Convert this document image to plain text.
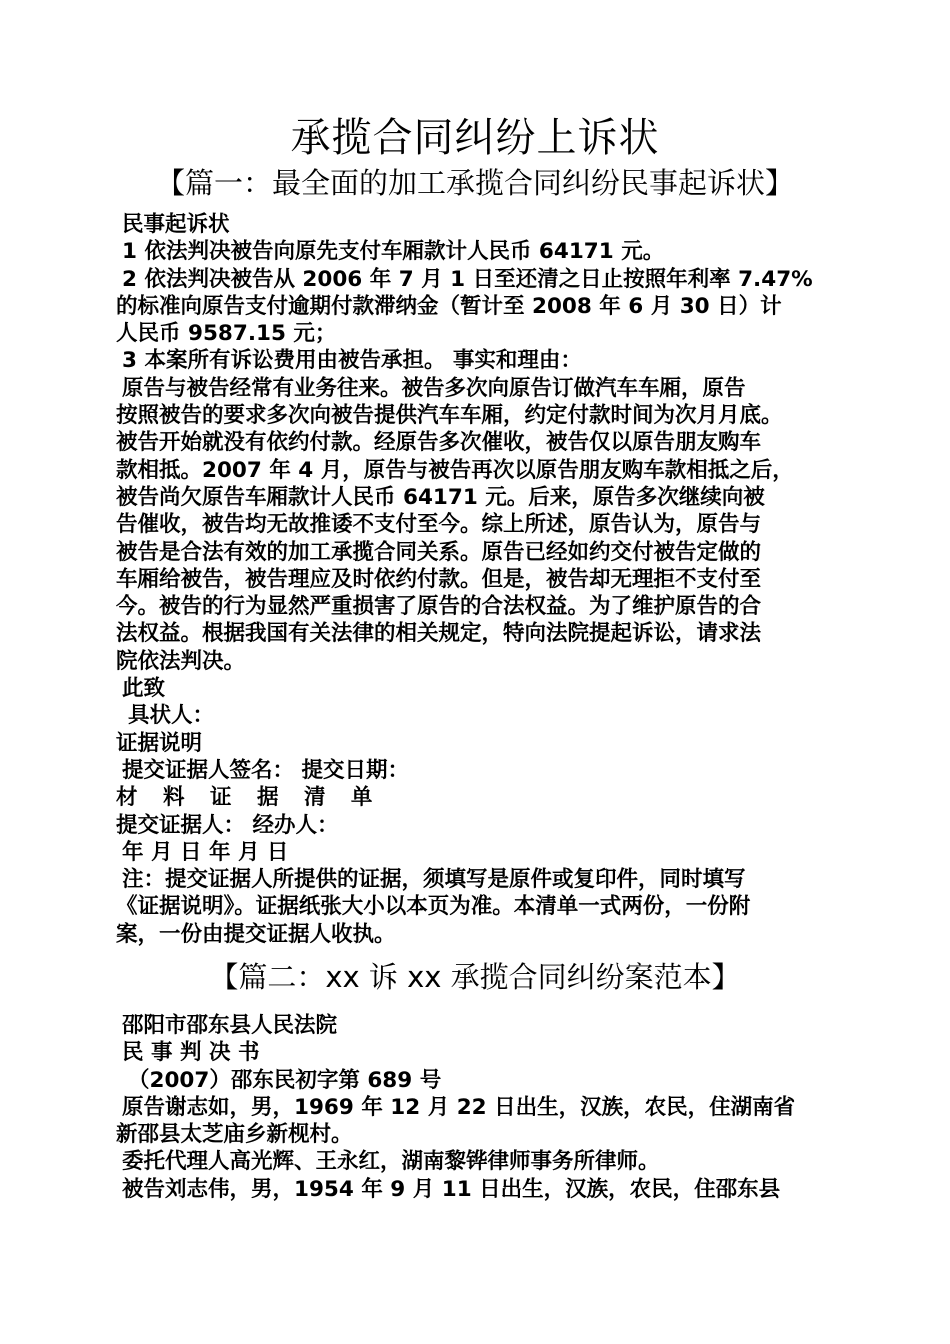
承揽合同纠纷上诉状
【篇一：最全面的加工承揽合同纠纷民事起诉状】
民事起诉状
1 依法判决被告向原先支付车厢款计人民币 64171 元。
2 依法判决被告从 2006 年 7 月 1 日至还清之日止按照年利率 7.47%
的标准向原告支付逾期付款滞纳金（暂计至 2008 年 6 月 30 日）计
人民币 9587.15 元；
3 本案所有诉讼费用由被告承担。 事实和理由：
原告与被告经常有业务往来。被告多次向原告订做汽车车厢，原告
按照被告的要求多次向被告提供汽车车厢，约定付款时间为次月月底。
被告开始就没有依约付款。经原告多次催收，被告仅以原告朋友购车
款相抵。2007 年 4 月，原告与被告再次以原告朋友购车款相抵之后，
被告尚欠原告车厢款计人民币 64171 元。后来，原告多次继续向被
告催收，被告均无故推诿不支付至今。综上所述，原告认为，原告与
被告是合法有效的加工承揽合同关系。原告已经如约交付被告定做的
车厢给被告，被告理应及时依约付款。但是，被告却无理拒不支付至
今。被告的行为显然严重损害了原告的合法权益。为了维护原告的合
法权益。根据我国有关法律的相关规定，特向法院提起诉讼，请求法
院依法判决。
此致
具状人：
证据说明
提交证据人签名： 提交日期：
材 料 证 据 清 单
提交证据人： 经办人：
年 月 日 年 月 日
注：提交证据人所提供的证据，须填写是原件或复印件，同时填写
《证据说明》。证据纸张大小以本页为准。本清单一式两份，一份附
案，一份由提交证据人收执。
【篇二：xx 诉 xx 承揽合同纠纷案范本】
邵阳市邵东县人民法院
民 事 判 决 书
（2007）邵东民初字第 689 号
原告谢志如，男，1969 年 12 月 22 日出生，汉族，农民，住湖南省
新邵县太芝庙乡新枧村。
委托代理人高光辉、王永红，湖南黎铧律师事务所律师。
被告刘志伟，男，1954 年 9 月 11 日出生，汉族，农民，住邵东县
